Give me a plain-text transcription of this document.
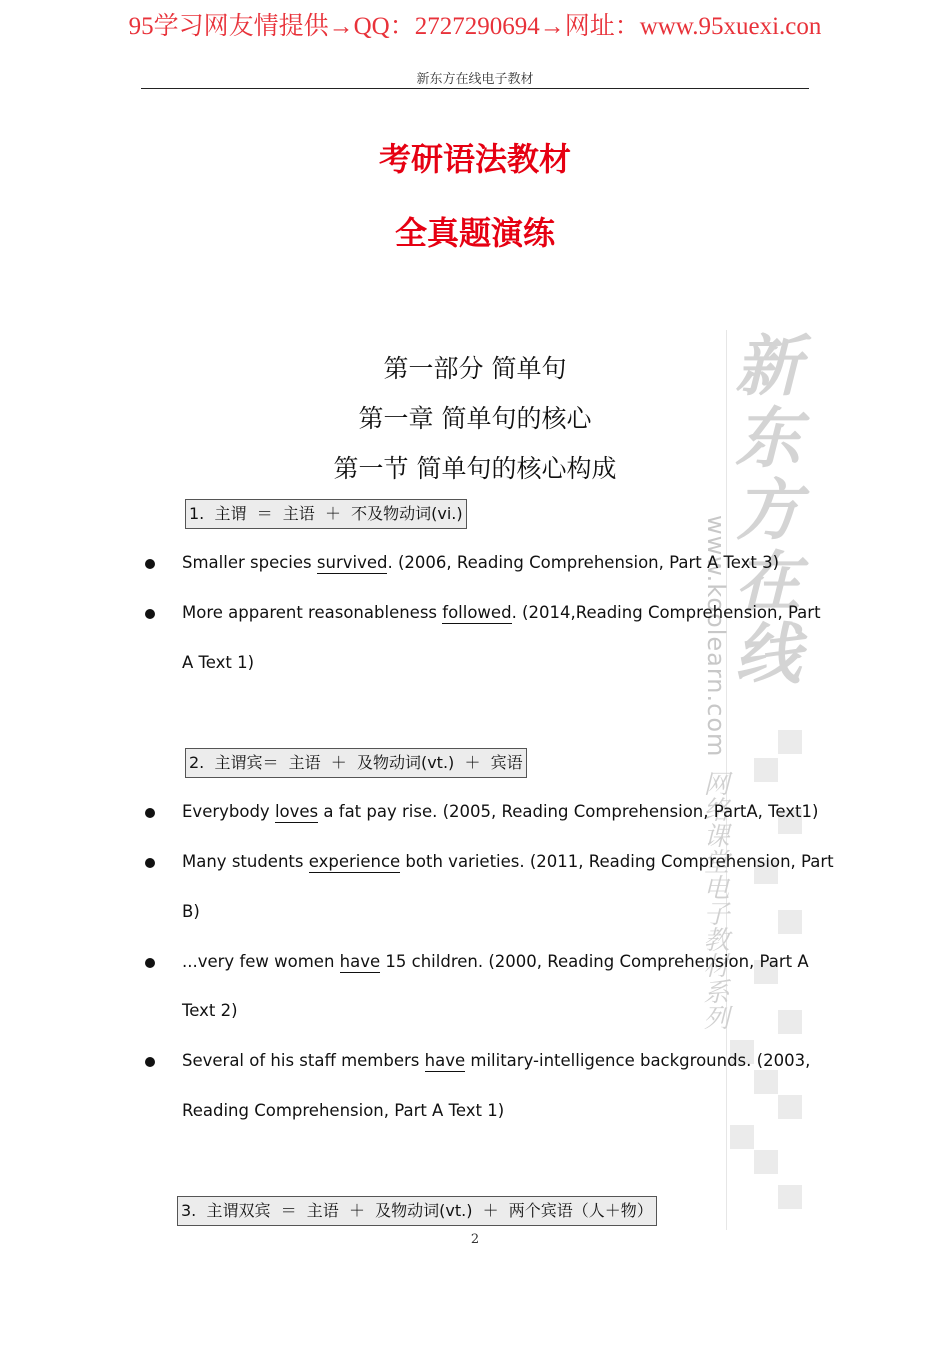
新东方在线
www.koolearn.com
网络课堂电子教材系列
95学习网友情提供→QQ：2727290694→网址：www.95xuexi.con
新东方在线电子教材
考研语法教材
全真题演练
第一部分 简单句
第一章 简单句的核心
第一节 简单句的核心构成
1.  主谓  ＝  主语  ＋  不及物动词(vi.)
Smaller species survived. (2006, Reading Comprehension, Part A Text 3)
More apparent reasonableness followed. (2014,Reading Comprehension, Part
A Text 1)
2.  主谓宾＝  主语  ＋  及物动词(vt.)  ＋  宾语
Everybody loves a fat pay rise. (2005, Reading Comprehension, PartA, Text1)
Many students experience both varieties. (2011, Reading Comprehension, Part
B)
...very few women have 15 children. (2000, Reading Comprehension, Part A
Text 2)
Several of his staff members have military-intelligence backgrounds. (2003,
Reading Comprehension, Part A Text 1)
3.  主谓双宾  ＝  主语  ＋  及物动词(vt.)  ＋  两个宾语（人＋物）
2
